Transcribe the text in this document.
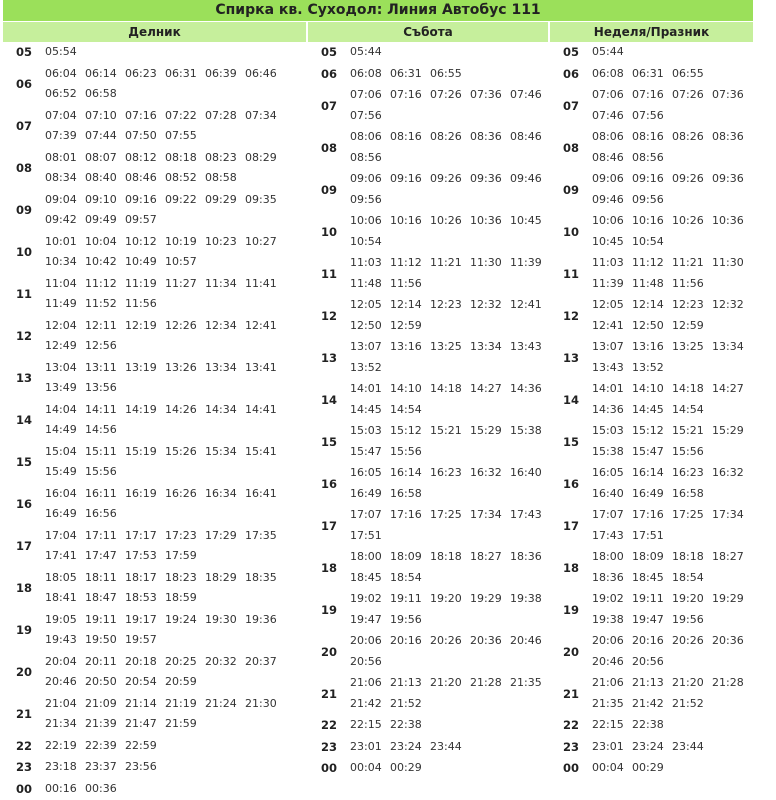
Спирка кв. Суходол: Линия Автобус 111
Делник
05	05:54
06
06:04 06:14 06:23 06:31 06:39 06:46
06:52 06:58
07
07:04 07:10 07:16 07:22 07:28 07:34
07:39 07:44 07:50 07:55
08
08:01 08:07 08:12 08:18 08:23 08:29
08:34 08:40 08:46 08:52 08:58
09
09:04 09:10 09:16 09:22 09:29 09:35
09:42 09:49 09:57
10
10:01 10:04 10:12 10:19 10:23 10:27
10:34 10:42 10:49 10:57
11
11:04 11:12 11:19 11:27 11:34 11:41
11:49 11:52 11:56
12
12:04 12:11 12:19 12:26 12:34 12:41
12:49 12:56
13
13:04 13:11 13:19 13:26 13:34 13:41
13:49 13:56
14
14:04 14:11 14:19 14:26 14:34 14:41
14:49 14:56
15
15:04 15:11 15:19 15:26 15:34 15:41
15:49 15:56
16
16:04 16:11 16:19 16:26 16:34 16:41
16:49 16:56
17
17:04 17:11 17:17 17:23 17:29 17:35
17:41 17:47 17:53 17:59
18
18:05 18:11 18:17 18:23 18:29 18:35
18:41 18:47 18:53 18:59
19
19:05 19:11 19:17 19:24 19:30 19:36
19:43 19:50 19:57
20
20:04 20:11 20:18 20:25 20:32 20:37
20:46 20:50 20:54 20:59
21
21:04 21:09 21:14 21:19 21:24 21:30
21:34 21:39 21:47 21:59
22	22:19 22:39 22:59
23	23:18 23:37 23:56
00	00:16 00:36
Събота
05	05:44
06	06:08 06:31 06:55
07
07:06 07:16 07:26 07:36 07:46
07:56
08
08:06 08:16 08:26 08:36 08:46
08:56
09
09:06 09:16 09:26 09:36 09:46
09:56
10
10:06 10:16 10:26 10:36 10:45
10:54
11
11:03 11:12 11:21 11:30 11:39
11:48 11:56
12
12:05 12:14 12:23 12:32 12:41
12:50 12:59
13
13:07 13:16 13:25 13:34 13:43
13:52
14
14:01 14:10 14:18 14:27 14:36
14:45 14:54
15
15:03 15:12 15:21 15:29 15:38
15:47 15:56
16
16:05 16:14 16:23 16:32 16:40
16:49 16:58
17
17:07 17:16 17:25 17:34 17:43
17:51
18
18:00 18:09 18:18 18:27 18:36
18:45 18:54
19
19:02 19:11 19:20 19:29 19:38
19:47 19:56
20
20:06 20:16 20:26 20:36 20:46
20:56
21
21:06 21:13 21:20 21:28 21:35
21:42 21:52
22	22:15 22:38
23	23:01 23:24 23:44
00	00:04 00:29
Неделя/Празник
05	05:44
06	06:08 06:31 06:55
07
07:06 07:16 07:26 07:36
07:46 07:56
08
08:06 08:16 08:26 08:36
08:46 08:56
09
09:06 09:16 09:26 09:36
09:46 09:56
10
10:06 10:16 10:26 10:36
10:45 10:54
11
11:03 11:12 11:21 11:30
11:39 11:48 11:56
12
12:05 12:14 12:23 12:32
12:41 12:50 12:59
13
13:07 13:16 13:25 13:34
13:43 13:52
14
14:01 14:10 14:18 14:27
14:36 14:45 14:54
15
15:03 15:12 15:21 15:29
15:38 15:47 15:56
16
16:05 16:14 16:23 16:32
16:40 16:49 16:58
17
17:07 17:16 17:25 17:34
17:43 17:51
18
18:00 18:09 18:18 18:27
18:36 18:45 18:54
19
19:02 19:11 19:20 19:29
19:38 19:47 19:56
20
20:06 20:16 20:26 20:36
20:46 20:56
21
21:06 21:13 21:20 21:28
21:35 21:42 21:52
22	22:15 22:38
23	23:01 23:24 23:44
00	00:04 00:29
